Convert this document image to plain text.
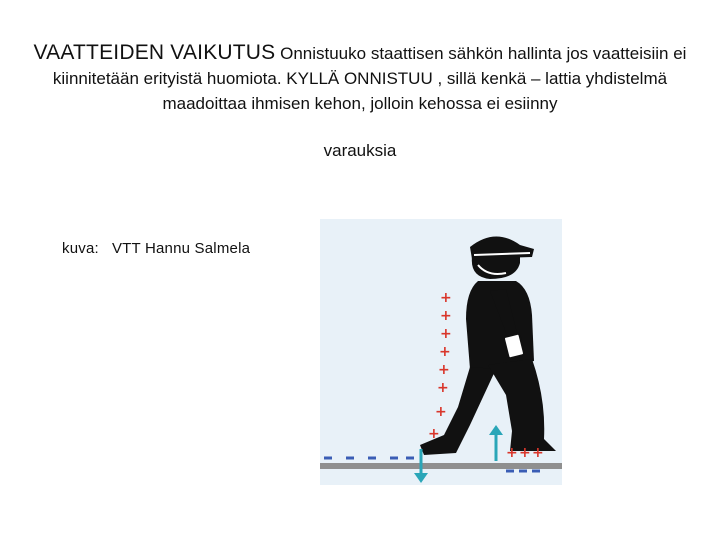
VAATTEIDEN VAIKUTUS Onnistuuko staattisen sähkön hallinta jos vaatteisiin ei kiinnitetään erityistä huomiota. KYLLÄ ONNISTUU , sillä kenkä – lattia yhdistelmä maadoittaa ihmisen kehon, jolloin kehossa ei esiinny
varauksia
kuva:   VTT Hannu Salmela
+
+
+
+
+
+
+
+
+ + +
